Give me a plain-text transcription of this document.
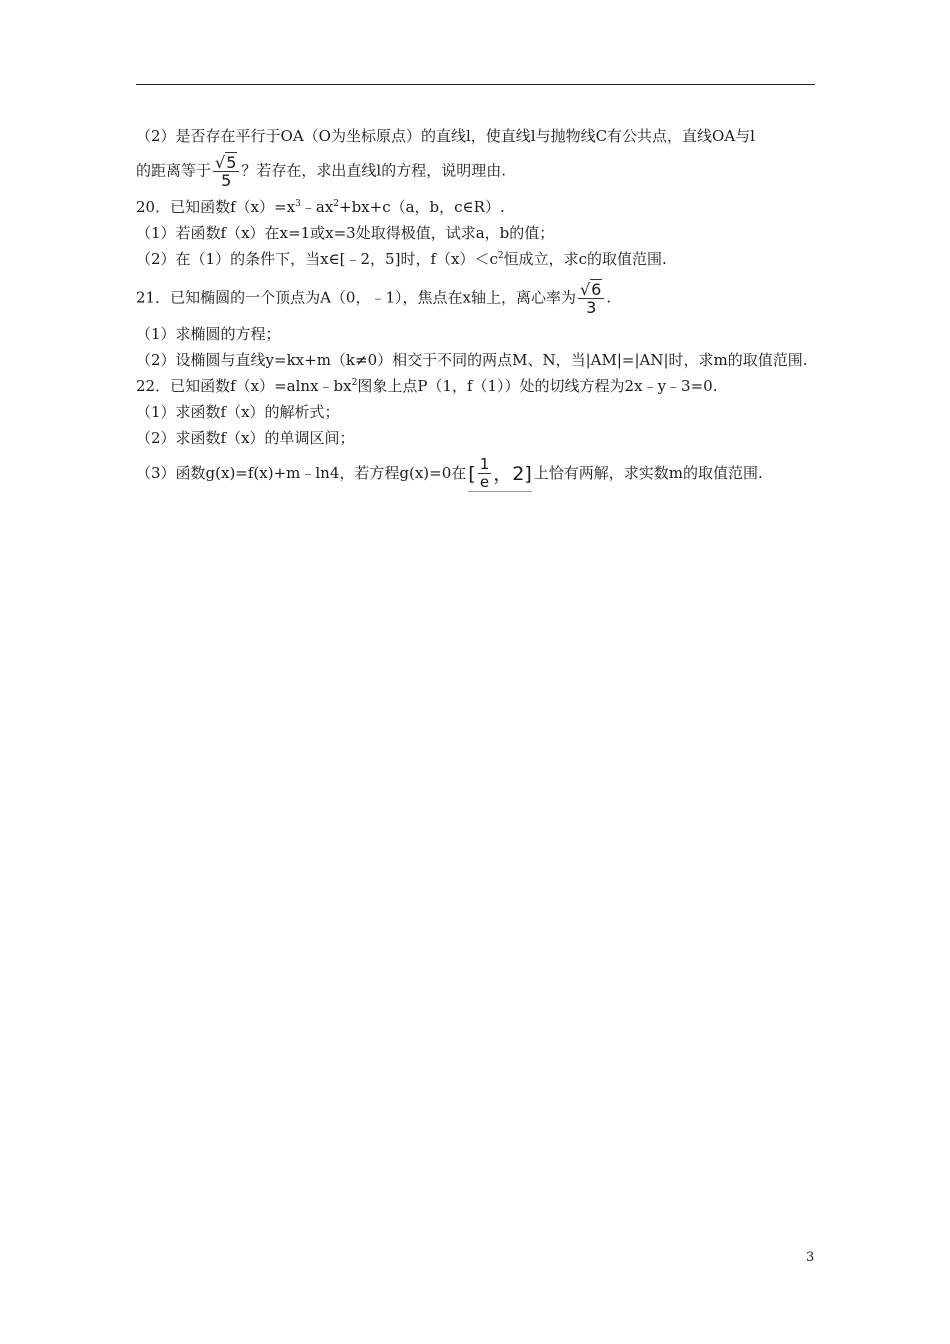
（2）是否存在平行于OA（O为坐标原点）的直线l，使直线l与抛物线C有公共点，直线OA与l

的距离等于 $\frac{√5}{5}$ ？若存在，求出直线l的方程，说明理由.

20．已知函数$f(x)=x^3﹣ax^2+bx+c(a$，b，c∈R）.

（1）若函数f（x）在x=1或x=3处取得极值，试求a，b的值；

（2）在（1）的条件下，当x∈[﹣2，5]时，$f(x)<c^2$恒成立，求c的取值范围.

21．已知椭圆的一个顶点为A（0，﹣1），焦点在x轴上，离心率为 $\frac{√6}{3}$ .

（1）求椭圆的方程；

（2）设椭圆与直线y=kx+m（k≠0）相交于不同的两点M、N，当|AM|=|AN|时，求m的取值范围.

22．已知函数$f(x)=alnx﹣bx^2$图象上点P（1，f（1））处的切线方程为2x﹣y﹣3=0.

（1）求函数f（x）的解析式；

（2）求函数f（x）的单调区间；

（3）函数g(x)=f(x)+m﹣ln4，若方程g(x)=0在 [ $\frac{1}{e}$ ，2] 上恰有两解，求实数m的取值范围.

3
